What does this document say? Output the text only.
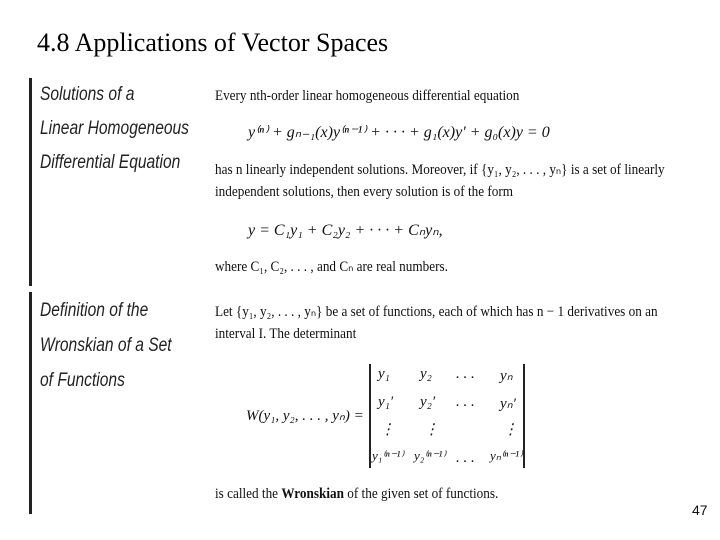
4.8 Applications of Vector Spaces
Solutions of a
Linear Homogeneous
Differential Equation
Every nth-order linear homogeneous differential equation
y⁽ⁿ⁾ + gₙ₋₁(x)y⁽ⁿ⁻¹⁾ + · · · + g₁(x)y′ + g₀(x)y = 0
has n linearly independent solutions. Moreover, if {y₁, y₂, . . . , yₙ} is a set of linearly
independent solutions, then every solution is of the form
y = C₁y₁ + C₂y₂ + · · · + Cₙyₙ,
where C₁, C₂, . . . , and Cₙ are real numbers.
Definition of the
Wronskian of a Set
of Functions
Let {y₁, y₂, . . . , yₙ} be a set of functions, each of which has n − 1 derivatives on an
interval I. The determinant
W(y₁, y₂, . . . , yₙ) =
y₁ y₂ . . . yₙ
y₁′ y₂′ . . . yₙ′
⋮ ⋮	⋮
y₁⁽ⁿ⁻¹⁾ y₂⁽ⁿ⁻¹⁾ . . . yₙ⁽ⁿ⁻¹⁾
is called the Wronskian of the given set of functions.
47
